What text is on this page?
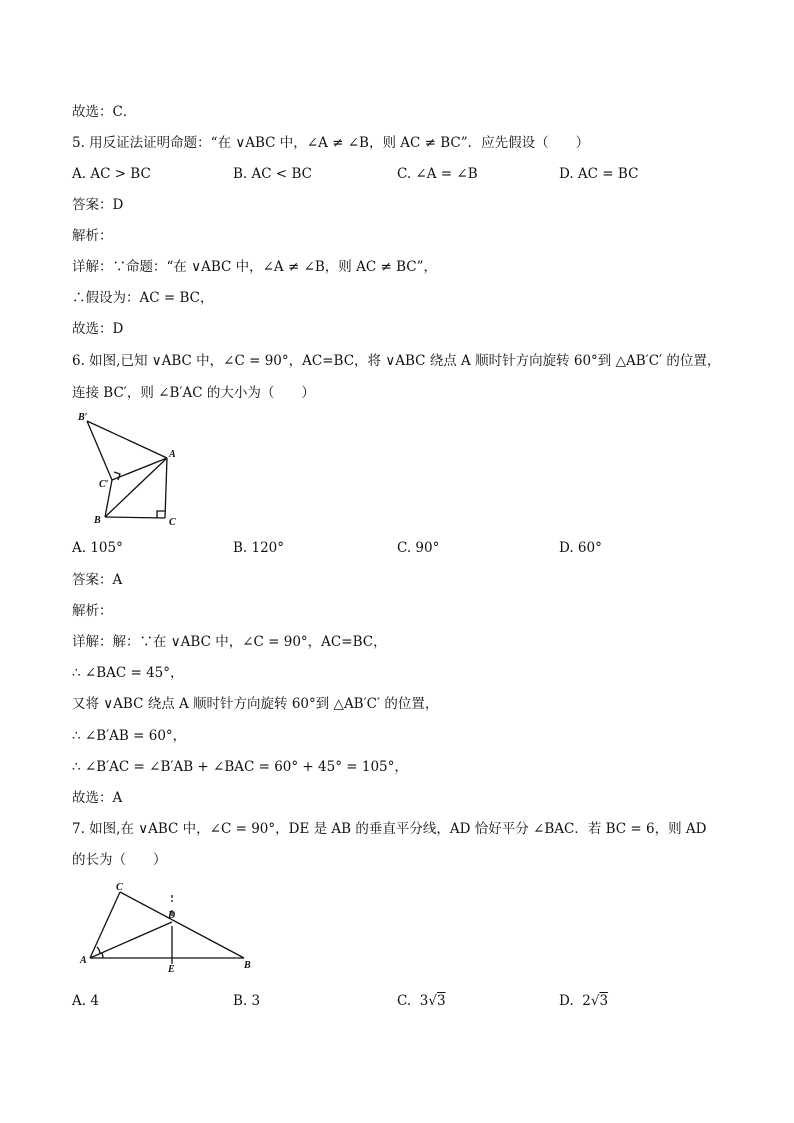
故选：C．
5. 用反证法证明命题：“在 ∨ABC 中，∠A ≠ ∠B，则 AC ≠ BC”．应先假设（　　）
A. AC > BC	B. AC < BC	C. ∠A = ∠B	D. AC = BC
答案：D
解析：
详解：∵命题：“在 ∨ABC 中，∠A ≠ ∠B，则 AC ≠ BC”，
∴假设为：AC = BC，
故选：D
6. 如图,已知 ∨ABC 中，∠C = 90°，AC=BC，将 ∨ABC 绕点 A 顺时针方向旋转 60°到 △AB′C′ 的位置，
连接 BC′，则 ∠B′AC 的大小为（　　）
B′
A
C′
B	C
A. 105°	B. 120°	C. 90°	D. 60°
答案：A
解析：
详解：解：∵在 ∨ABC 中，∠C = 90°，AC=BC，
∴ ∠BAC = 45°，
又将 ∨ABC 绕点 A 顺时针方向旋转 60°到 △AB′C′ 的位置，
∴ ∠B′AB = 60°，
∴ ∠B′AC = ∠B′AB + ∠BAC = 60° + 45° = 105°，
故选：A
7. 如图,在 ∨ABC 中，∠C = 90°，DE 是 AB 的垂直平分线，AD 恰好平分 ∠BAC．若 BC = 6，则 AD
的长为（　　）
C
D
A
E	B
A. 4	B. 3	C. 3√3	D. 2√3
